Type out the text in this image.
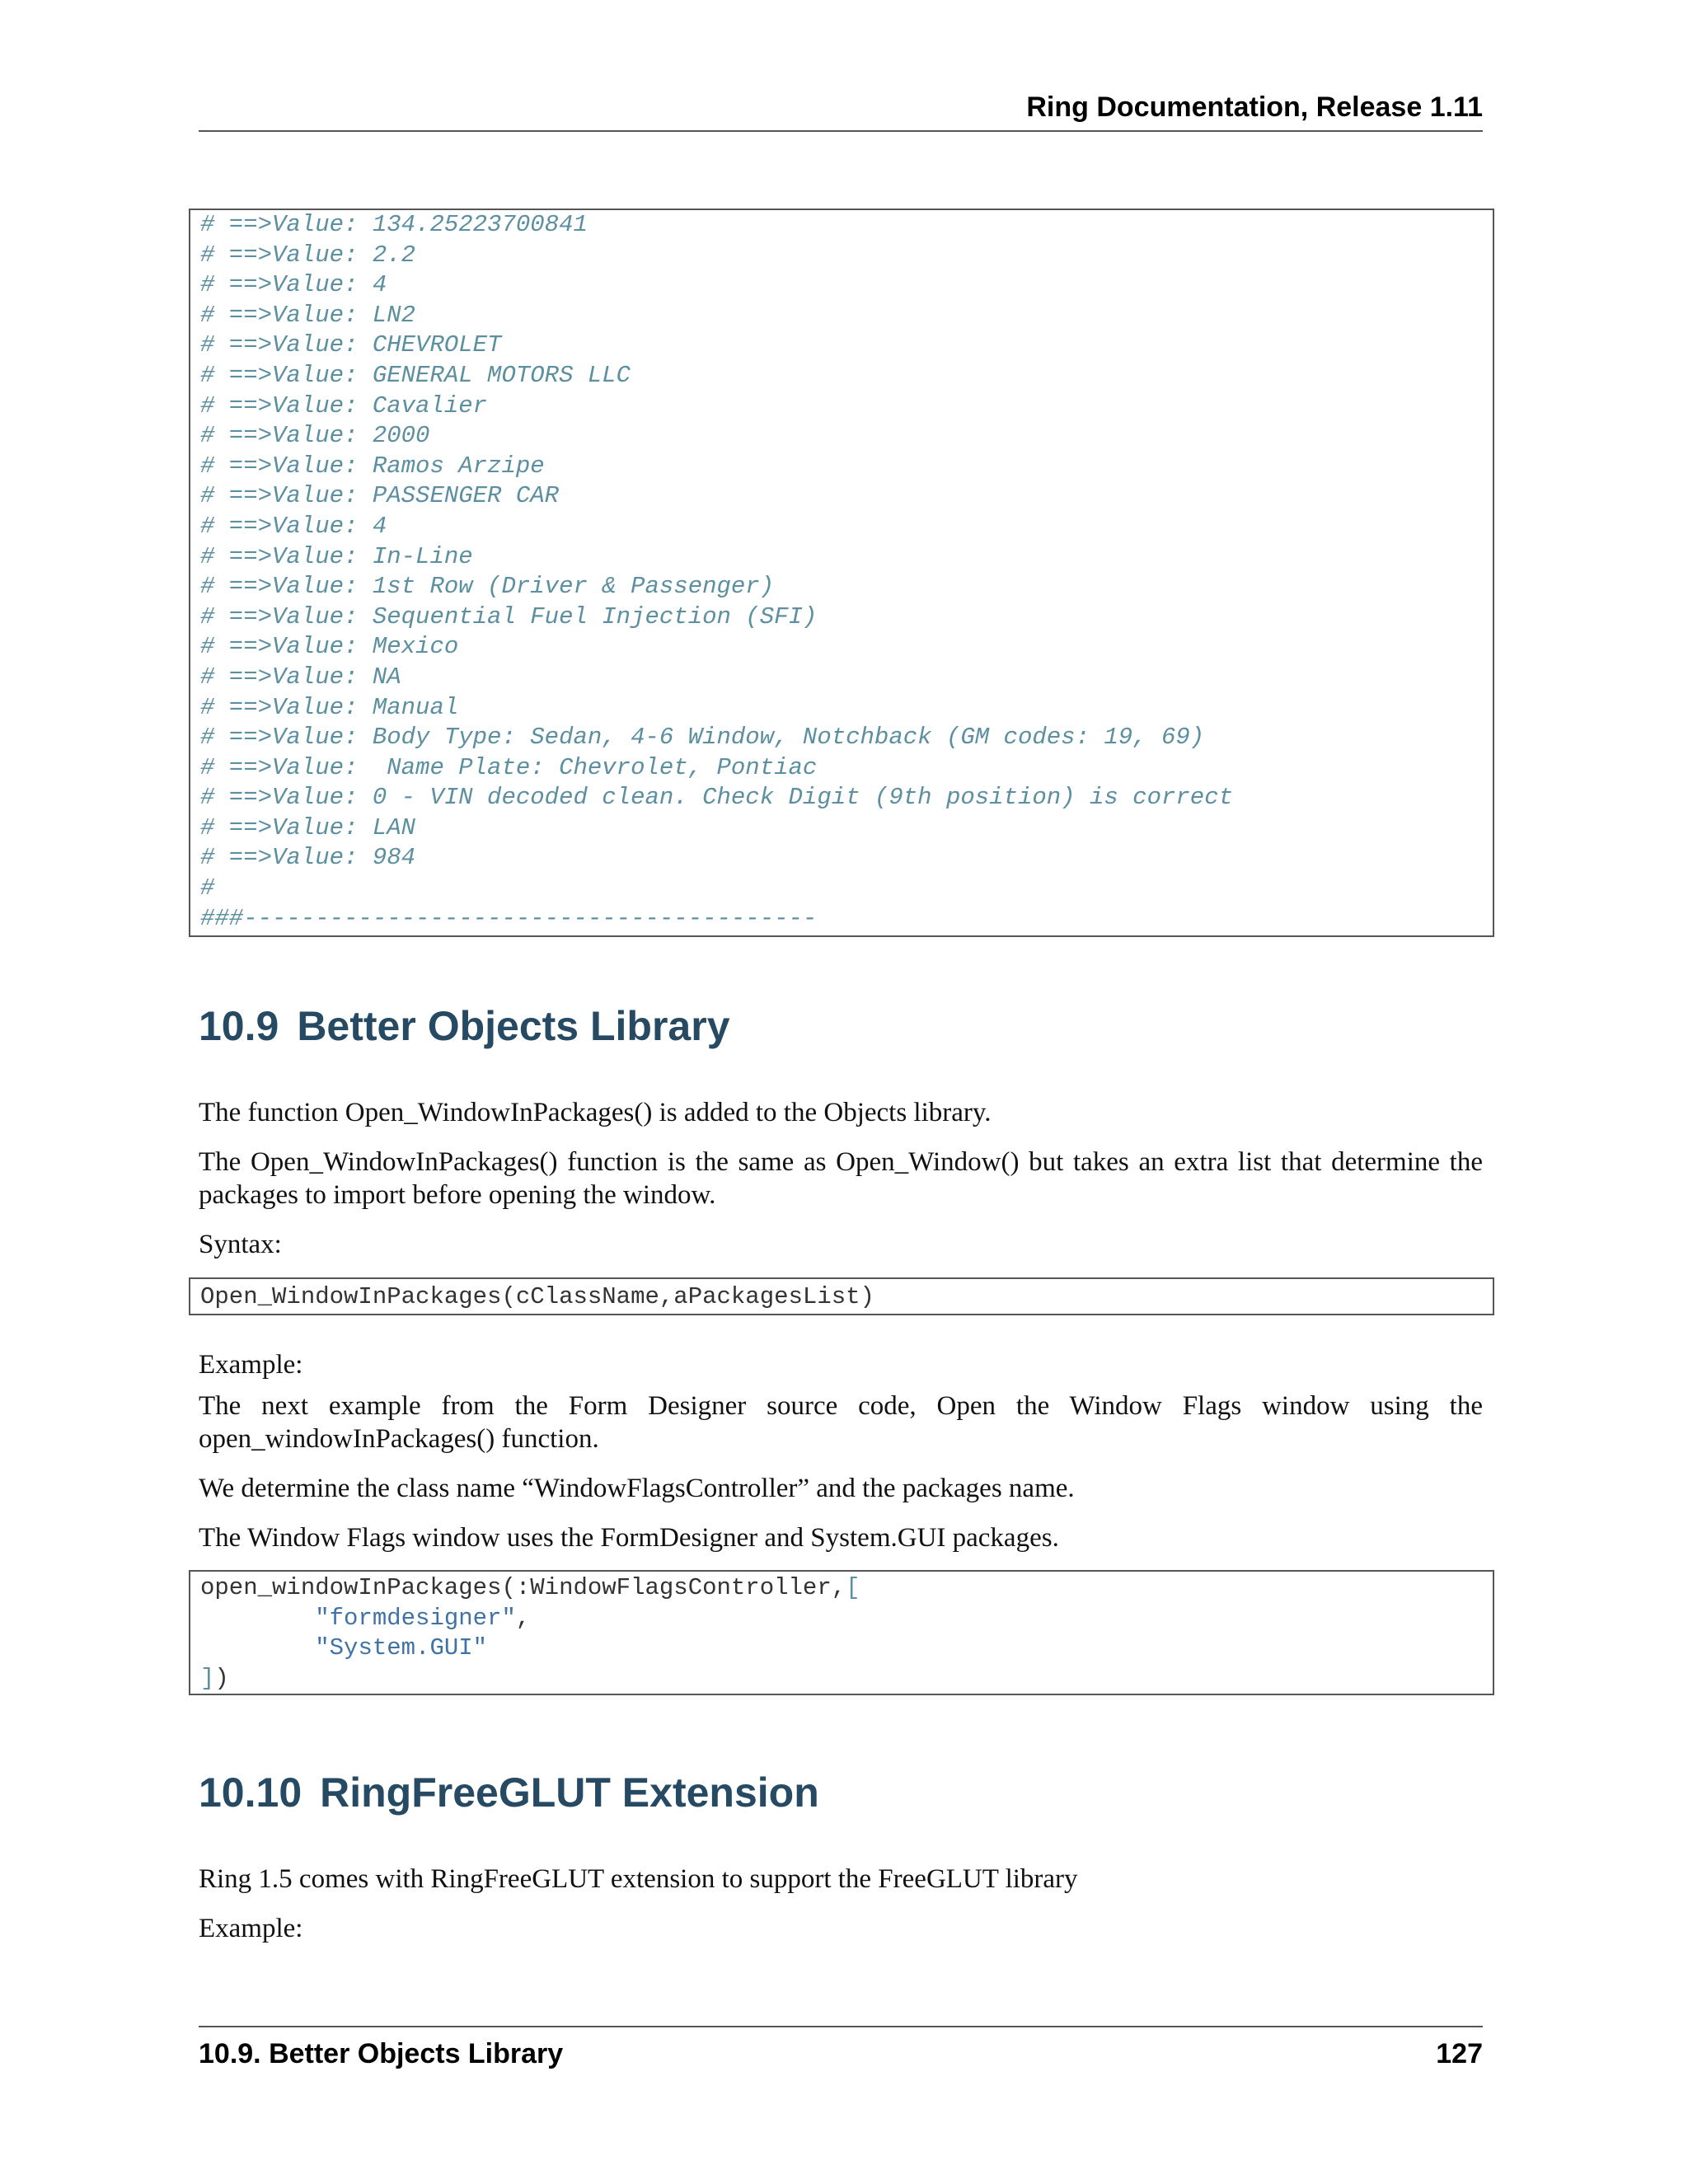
Ring Documentation, Release 1.11
# ==>Value: 134.25223700841
# ==>Value: 2.2
# ==>Value: 4
# ==>Value: LN2
# ==>Value: CHEVROLET
# ==>Value: GENERAL MOTORS LLC
# ==>Value: Cavalier
# ==>Value: 2000
# ==>Value: Ramos Arzipe
# ==>Value: PASSENGER CAR
# ==>Value: 4
# ==>Value: In-Line
# ==>Value: 1st Row (Driver & Passenger)
# ==>Value: Sequential Fuel Injection (SFI)
# ==>Value: Mexico
# ==>Value: NA
# ==>Value: Manual
# ==>Value: Body Type: Sedan, 4-6 Window, Notchback (GM codes: 19, 69)
# ==>Value:  Name Plate: Chevrolet, Pontiac
# ==>Value: 0 - VIN decoded clean. Check Digit (9th position) is correct
# ==>Value: LAN
# ==>Value: 984
#
###----------------------------------------
10.9 Better Objects Library

The function Open_WindowInPackages() is added to the Objects library.

The Open_WindowInPackages() function is the same as Open_Window() but takes an extra list that determine the packages to import before opening the window.

Syntax:

Open_WindowInPackages(cClassName,aPackagesList)

Example:

The next example from the Form Designer source code, Open the Window Flags window using the open_windowInPackages() function.

We determine the class name “WindowFlagsController” and the packages name.

The Window Flags window uses the FormDesigner and System.GUI packages.

open_windowInPackages(:WindowFlagsController,[
"formdesigner",
"System.GUI"
])
10.10 RingFreeGLUT Extension

Ring 1.5 comes with RingFreeGLUT extension to support the FreeGLUT library

Example:

10.9. Better Objects Library	127
